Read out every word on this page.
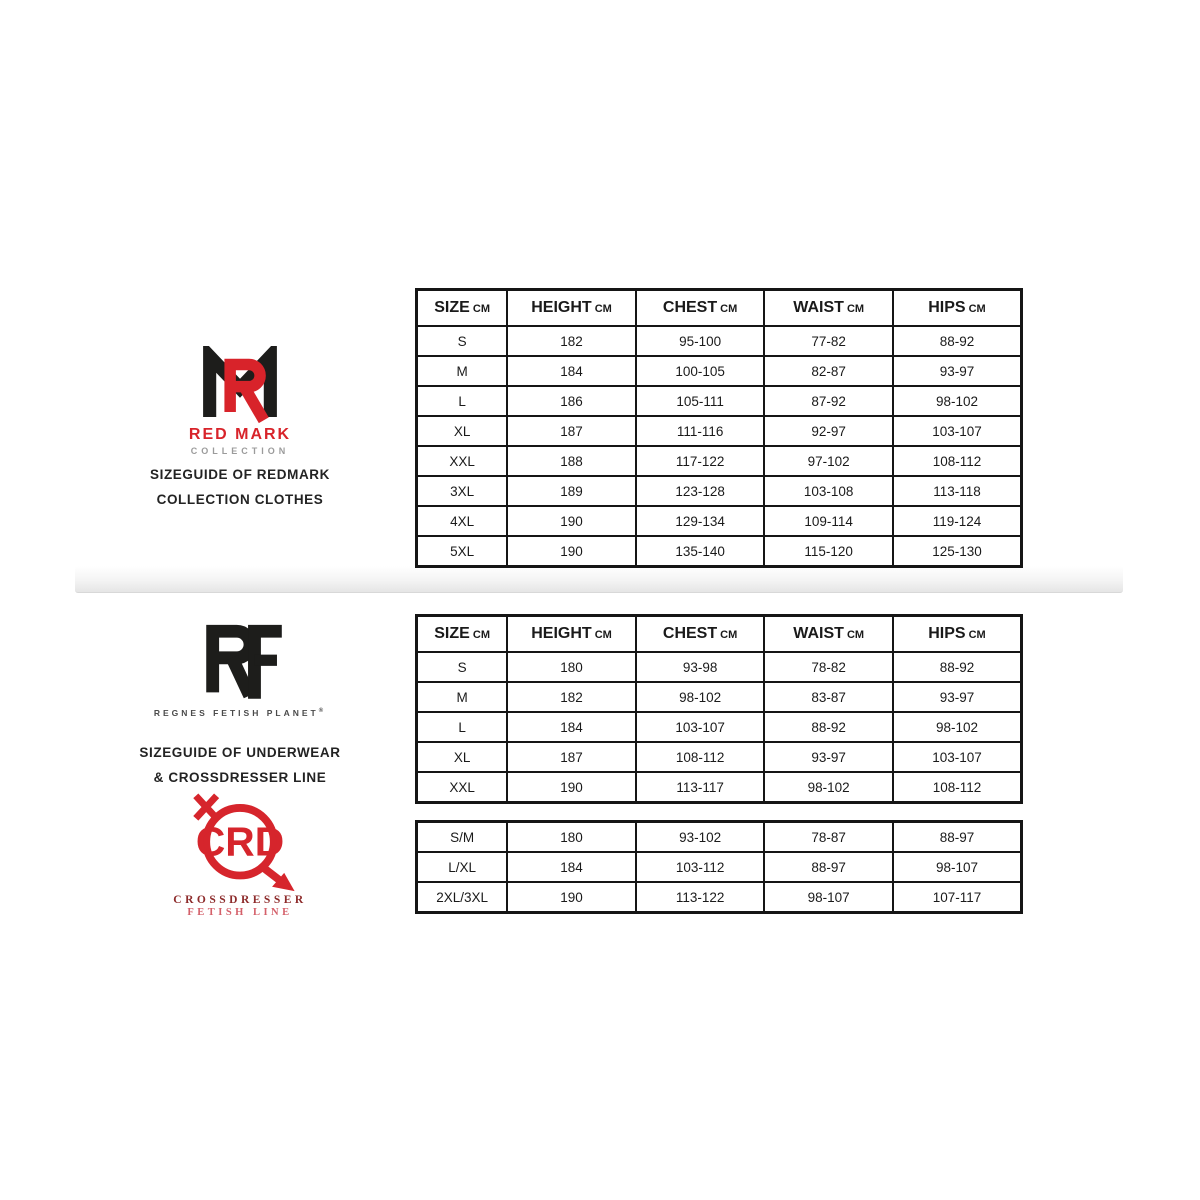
RED MARK
COLLECTION
SIZEGUIDE OF REDMARK
COLLECTION CLOTHES
REGNES FETISH PLANET®
SIZEGUIDE OF UNDERWEAR
& CROSSDRESSER LINE
CRD
CROSSDRESSER
FETISH LINE
SIZE CM	HEIGHT CM	CHEST CM	WAIST CM	HIPS CM
S	182	95-100	77-82	88-92
M	184	100-105	82-87	93-97
L	186	105-111	87-92	98-102
XL	187	111-116	92-97	103-107
XXL	188	117-122	97-102	108-112
3XL	189	123-128	103-108	113-118
4XL	190	129-134	109-114	119-124
5XL	190	135-140	115-120	125-130
SIZE CM	HEIGHT CM	CHEST CM	WAIST CM	HIPS CM
S	180	93-98	78-82	88-92
M	182	98-102	83-87	93-97
L	184	103-107	88-92	98-102
XL	187	108-112	93-97	103-107
XXL	190	113-117	98-102	108-112
S/M	180	93-102	78-87	88-97
L/XL	184	103-112	88-97	98-107
2XL/3XL	190	113-122	98-107	107-117
